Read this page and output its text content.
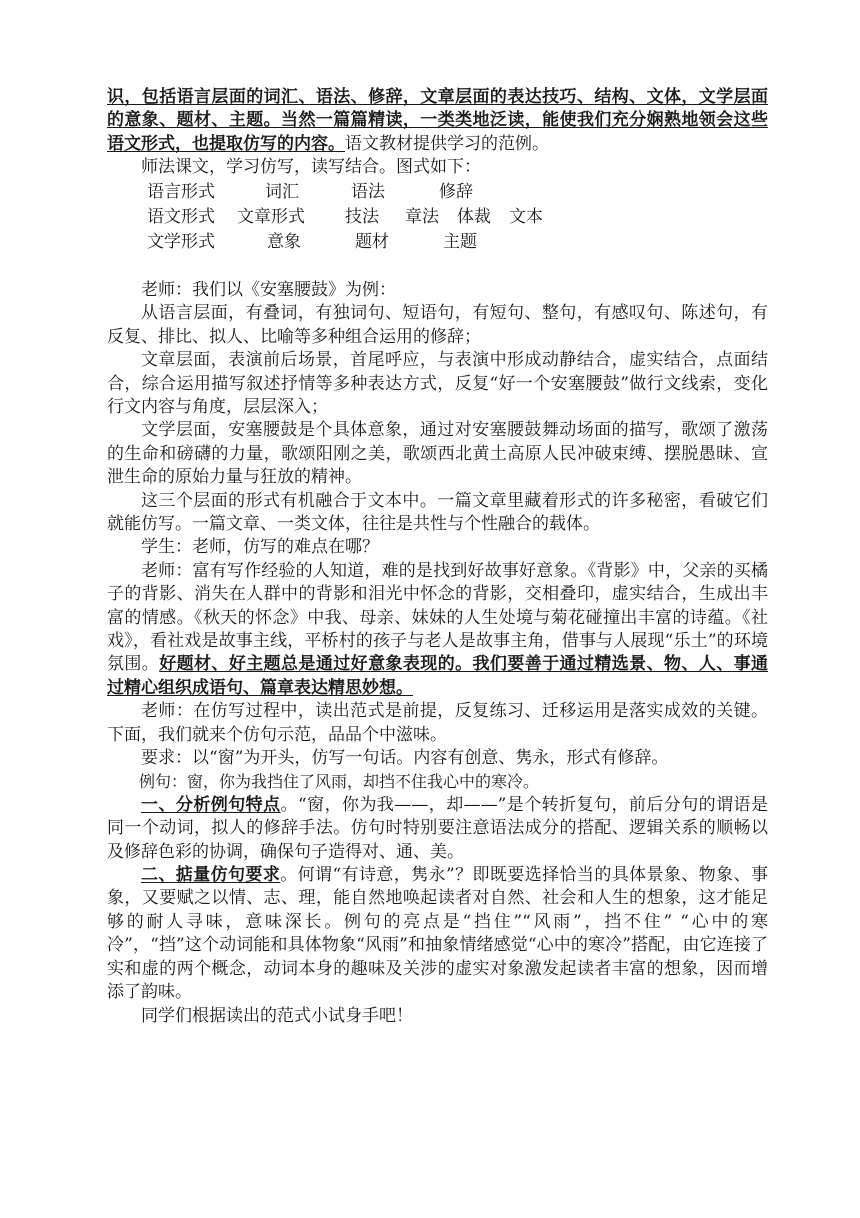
识，包括语言层面的词汇、语法、修辞，文章层面的表达技巧、结构、文体，文学层面的意象、题材、主题。当然一篇篇精读，一类类地泛读，能使我们充分娴熟地领会这些语文形式，也提取仿写的内容。语文教材提供学习的范例。

师法课文，学习仿写，读写结合。图式如下：

语言形式	词汇	语法	修辞
语文形式	文章形式	技法	章法	体裁	文本
文学形式	意象	题材	主题

老师：我们以《安塞腰鼓》为例：

从语言层面，有叠词，有独词句、短语句，有短句、整句，有感叹句、陈述句，有反复、排比、拟人、比喻等多种组合运用的修辞；

文章层面，表演前后场景，首尾呼应，与表演中形成动静结合，虚实结合，点面结合，综合运用描写叙述抒情等多种表达方式，反复“好一个安塞腰鼓”做行文线索，变化行文内容与角度，层层深入；

文学层面，安塞腰鼓是个具体意象，通过对安塞腰鼓舞动场面的描写，歌颂了激荡的生命和磅礴的力量，歌颂阳刚之美，歌颂西北黄土高原人民冲破束缚、摆脱愚昧、宣泄生命的原始力量与狂放的精神。

这三个层面的形式有机融合于文本中。一篇文章里藏着形式的许多秘密，看破它们就能仿写。一篇文章、一类文体，往往是共性与个性融合的载体。

学生：老师，仿写的难点在哪？

老师：富有写作经验的人知道，难的是找到好故事好意象。《背影》中，父亲的买橘子的背影、消失在人群中的背影和泪光中怀念的背影，交相叠印，虚实结合，生成出丰富的情感。《秋天的怀念》中我、母亲、妹妹的人生处境与菊花碰撞出丰富的诗蕴。《社戏》，看社戏是故事主线，平桥村的孩子与老人是故事主角，借事与人展现“乐土”的环境氛围。好题材、好主题总是通过好意象表现的。我们要善于通过精选景、物、人、事通过精心组织成语句、篇章表达精思妙想。

老师：在仿写过程中，读出范式是前提，反复练习、迁移运用是落实成效的关键。下面，我们就来个仿句示范，品品个中滋味。

要求：以“窗”为开头，仿写一句话。内容有创意、隽永，形式有修辞。

例句：窗，你为我挡住了风雨，却挡不住我心中的寒冷。

一、分析例句特点。“窗，你为我——，却——”是个转折复句，前后分句的谓语是同一个动词，拟人的修辞手法。仿句时特别要注意语法成分的搭配、逻辑关系的顺畅以及修辞色彩的协调，确保句子造得对、通、美。

二、掂量仿句要求。何谓“有诗意，隽永”？即既要选择恰当的具体景象、物象、事象，又要赋之以情、志、理，能自然地唤起读者对自然、社会和人生的想象，这才能足够的耐人寻味，意味深长。例句的亮点是“挡住”“风雨”，挡不住” “心中的寒冷”，“挡”这个动词能和具体物象“风雨”和抽象情绪感觉“心中的寒冷”搭配，由它连接了实和虚的两个概念，动词本身的趣味及关涉的虚实对象激发起读者丰富的想象，因而增添了韵味。

同学们根据读出的范式小试身手吧！
